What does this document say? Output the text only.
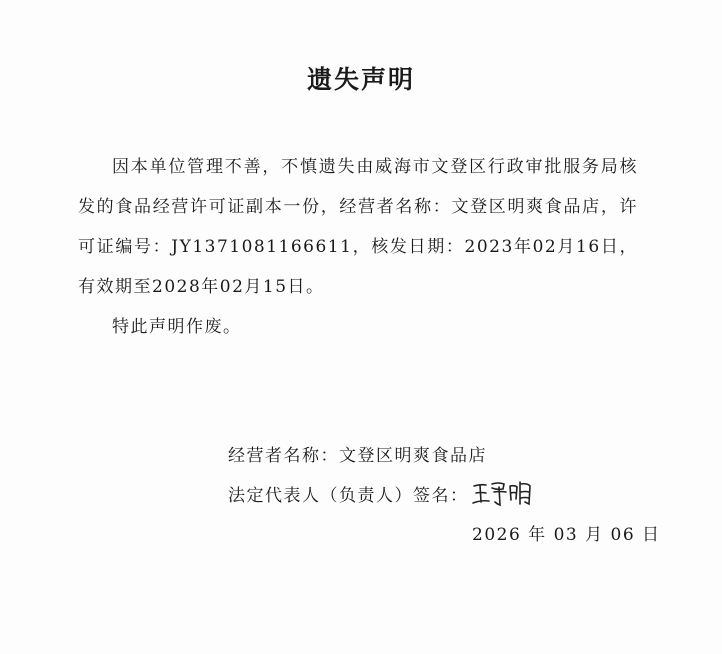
遗失声明

因本单位管理不善，不慎遗失由威海市文登区行政审批服务局核发的食品经营许可证副本一份，经营者名称：文登区明爽食品店，许可证编号：JY1371081166611，核发日期：2023年02月16日，有效期至2028年02月15日。

特此声明作废。

经营者名称：文登区明爽食品店
法定代表人（负责人）签名：
2026 年 03 月 06 日
